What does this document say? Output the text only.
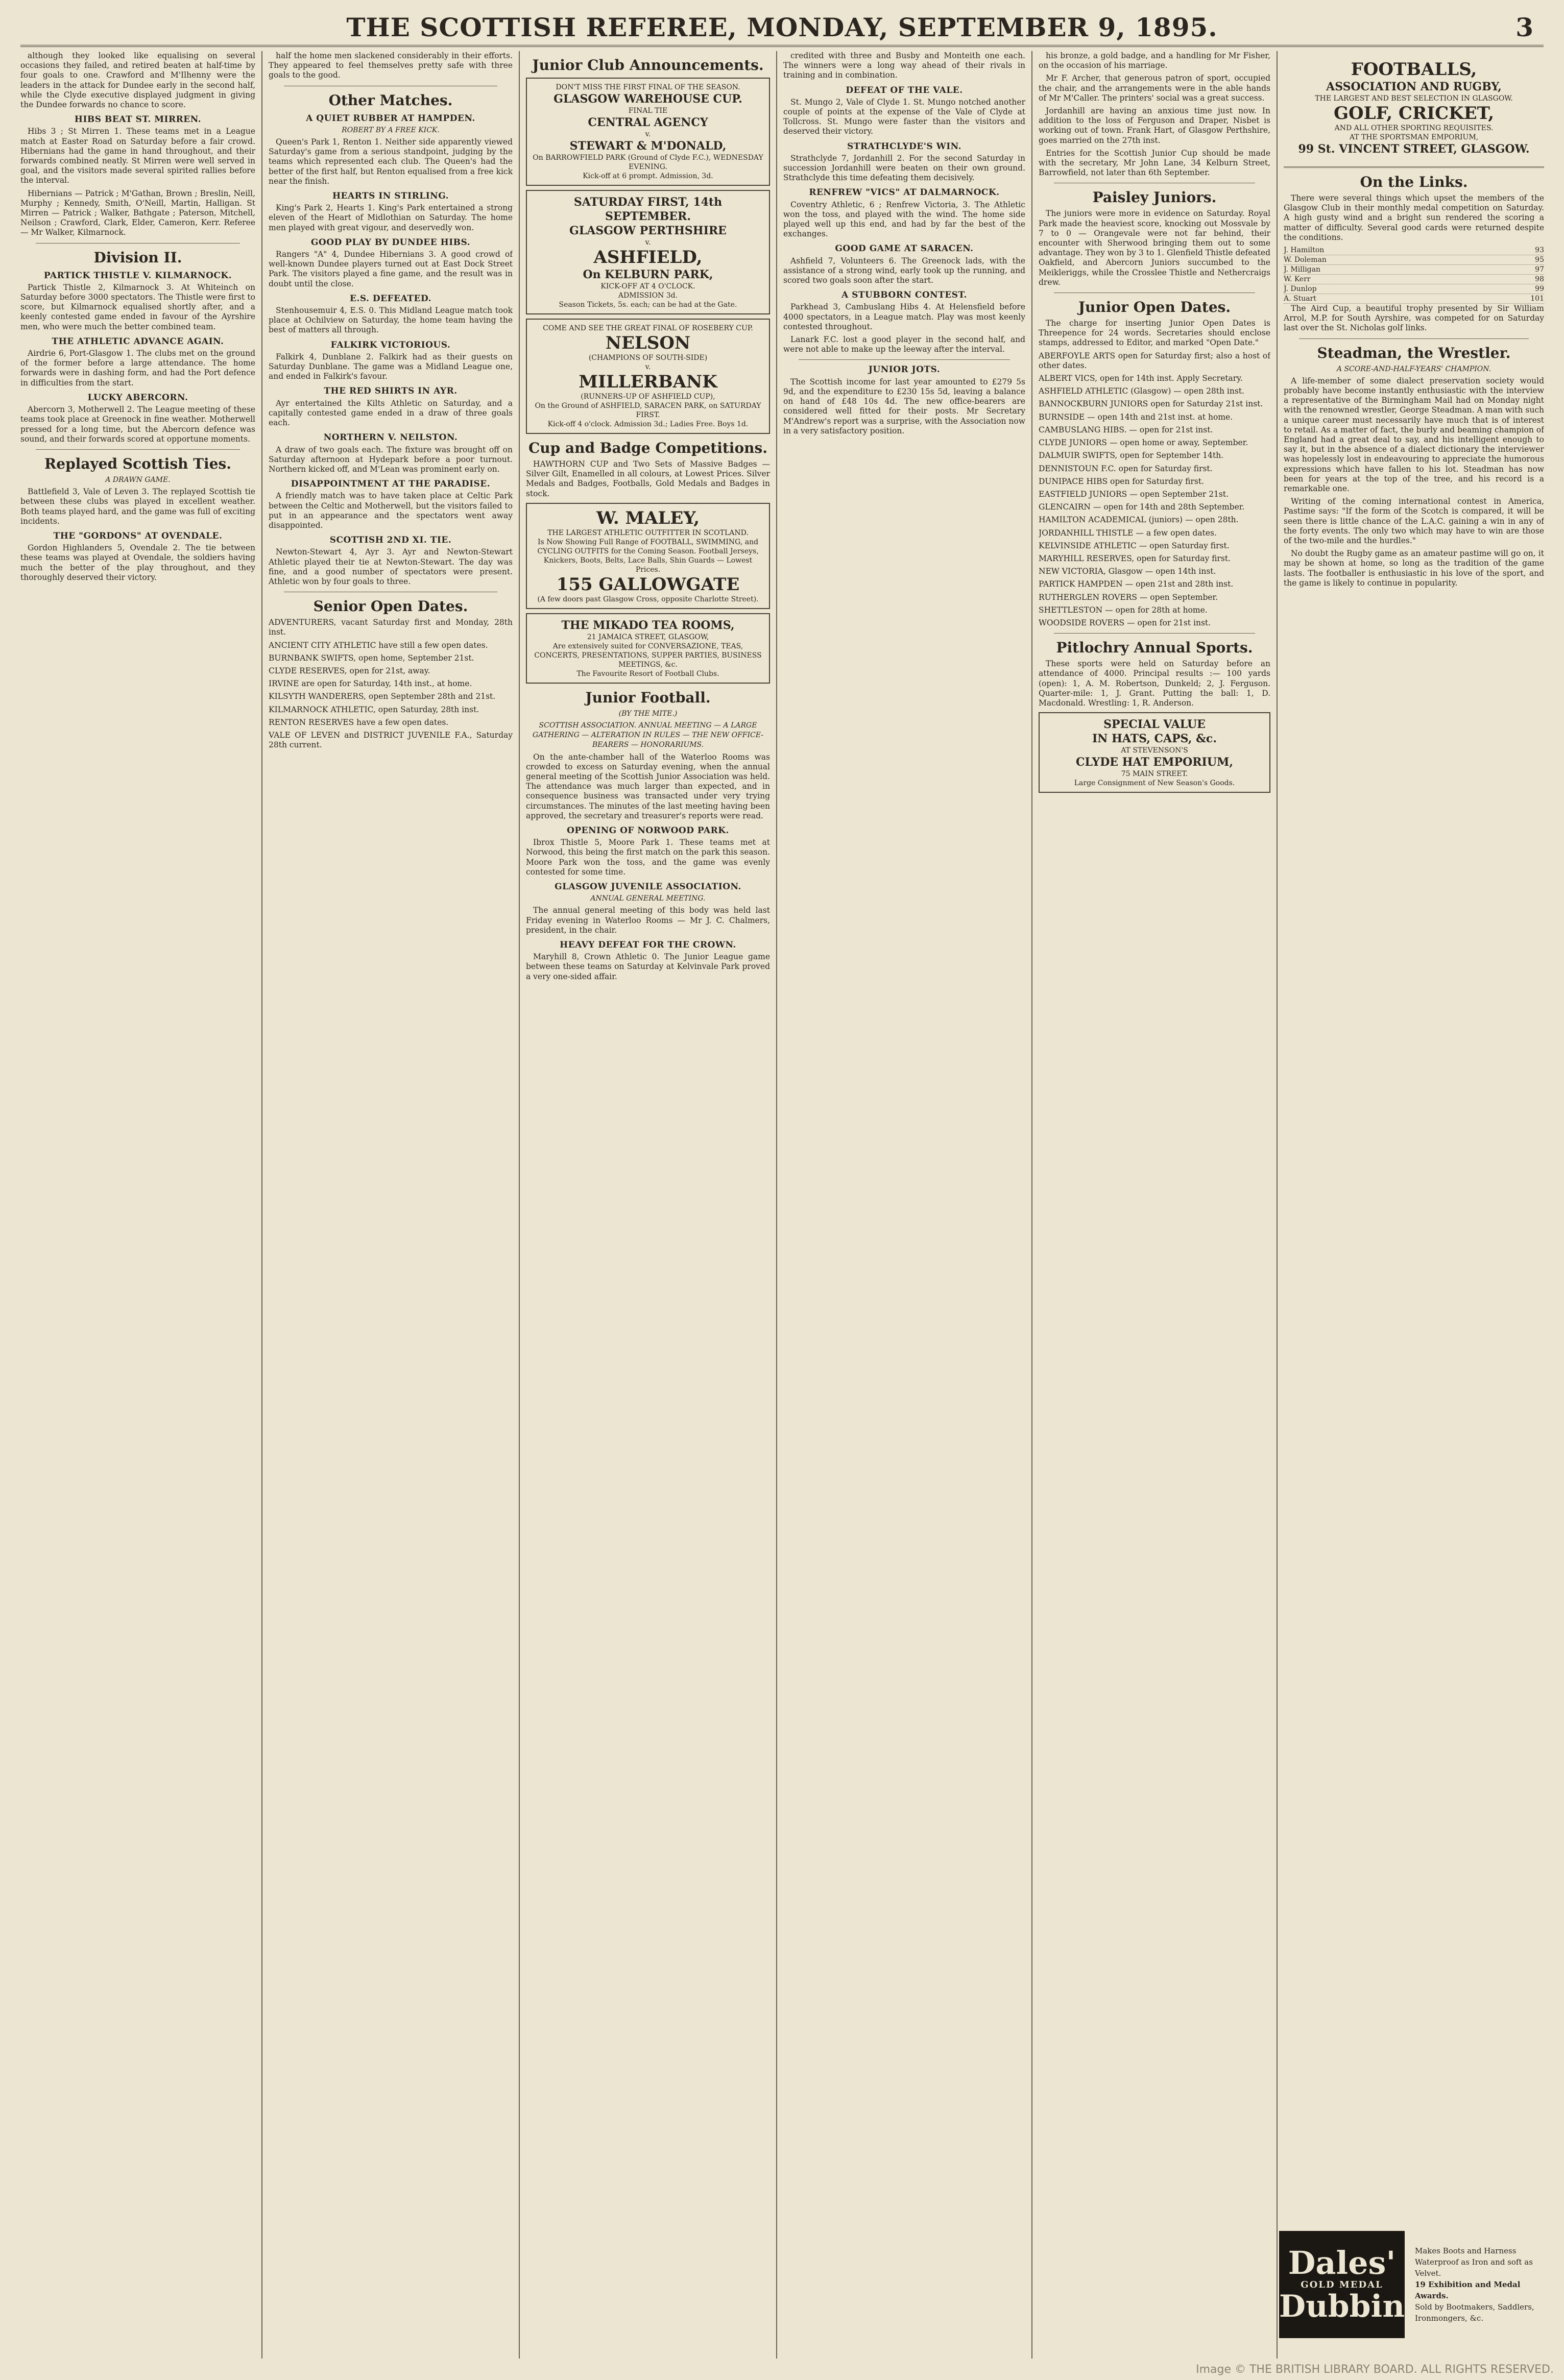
THE SCOTTISH REFEREE, MONDAY, SEPTEMBER 9, 1895.	3

although they looked like equalising on several occasions they failed, and retired beaten at half-time by four goals to one. Crawford and M'Ilhenny were the leaders in the attack for Dundee early in the second half, while the Clyde executive displayed judgment in giving the Dundee forwards no chance to score.

HIBS BEAT ST. MIRREN.

Hibs 3 ; St Mirren 1. These teams met in a League match at Easter Road on Saturday before a fair crowd. Hibernians had the game in hand throughout, and their forwards combined neatly. St Mirren were well served in goal, and the visitors made several spirited rallies before the interval.

Hibernians — Patrick ; M'Gathan, Brown ; Breslin, Neill, Murphy ; Kennedy, Smith, O'Neill, Martin, Halligan. St Mirren — Patrick ; Walker, Bathgate ; Paterson, Mitchell, Neilson ; Crawford, Clark, Elder, Cameron, Kerr. Referee — Mr Walker, Kilmarnock.

Division II.
PARTICK THISTLE V. KILMARNOCK.

Partick Thistle 2, Kilmarnock 3. At Whiteinch on Saturday before 3000 spectators. The Thistle were first to score, but Kilmarnock equalised shortly after, and a keenly contested game ended in favour of the Ayrshire men, who were much the better combined team.

THE ATHLETIC ADVANCE AGAIN.

Airdrie 6, Port-Glasgow 1. The clubs met on the ground of the former before a large attendance. The home forwards were in dashing form, and had the Port defence in difficulties from the start.

LUCKY ABERCORN.

Abercorn 3, Motherwell 2. The League meeting of these teams took place at Greenock in fine weather. Motherwell pressed for a long time, but the Abercorn defence was sound, and their forwards scored at opportune moments.

Replayed Scottish Ties.
A DRAWN GAME.

Battlefield 3, Vale of Leven 3. The replayed Scottish tie between these clubs was played in excellent weather. Both teams played hard, and the game was full of exciting incidents.

THE "GORDONS" AT OVENDALE.

Gordon Highlanders 5, Ovendale 2. The tie between these teams was played at Ovendale, the soldiers having much the better of the play throughout, and they thoroughly deserved their victory.

half the home men slackened considerably in their efforts. They appeared to feel themselves pretty safe with three goals to the good.

Other Matches.
A QUIET RUBBER AT HAMPDEN.
ROBERT BY A FREE KICK.

Queen's Park 1, Renton 1. Neither side apparently viewed Saturday's game from a serious standpoint, judging by the teams which represented each club. The Queen's had the better of the first half, but Renton equalised from a free kick near the finish.

HEARTS IN STIRLING.

King's Park 2, Hearts 1. King's Park entertained a strong eleven of the Heart of Midlothian on Saturday. The home men played with great vigour, and deservedly won.

GOOD PLAY BY DUNDEE HIBS.

Rangers "A" 4, Dundee Hibernians 3. A good crowd of well-known Dundee players turned out at East Dock Street Park. The visitors played a fine game, and the result was in doubt until the close.

E.S. DEFEATED.

Stenhousemuir 4, E.S. 0. This Midland League match took place at Ochilview on Saturday, the home team having the best of matters all through.

FALKIRK VICTORIOUS.

Falkirk 4, Dunblane 2. Falkirk had as their guests on Saturday Dunblane. The game was a Midland League one, and ended in Falkirk's favour.

THE RED SHIRTS IN AYR.

Ayr entertained the Kilts Athletic on Saturday, and a capitally contested game ended in a draw of three goals each.

NORTHERN V. NEILSTON.

A draw of two goals each. The fixture was brought off on Saturday afternoon at Hydepark before a poor turnout. Northern kicked off, and M'Lean was prominent early on.

DISAPPOINTMENT AT THE PARADISE.

A friendly match was to have taken place at Celtic Park between the Celtic and Motherwell, but the visitors failed to put in an appearance and the spectators went away disappointed.

SCOTTISH 2ND XI. TIE.

Newton-Stewart 4, Ayr 3. Ayr and Newton-Stewart Athletic played their tie at Newton-Stewart. The day was fine, and a good number of spectators were present. Athletic won by four goals to three.

Senior Open Dates.

ADVENTURERS, vacant Saturday first and Monday, 28th inst.

ANCIENT CITY ATHLETIC have still a few open dates.

BURNBANK SWIFTS, open home, September 21st.

CLYDE RESERVES, open for 21st, away.

IRVINE are open for Saturday, 14th inst., at home.

KILSYTH WANDERERS, open September 28th and 21st.

KILMARNOCK ATHLETIC, open Saturday, 28th inst.

RENTON RESERVES have a few open dates.

VALE OF LEVEN and DISTRICT JUVENILE F.A., Saturday 28th current.

Junior Club Announcements.
DON'T MISS THE FIRST FINAL OF THE SEASON.
GLASGOW WAREHOUSE CUP.
FINAL TIE
CENTRAL AGENCY
v.
STEWART & M'DONALD,
On BARROWFIELD PARK (Ground of Clyde F.C.), WEDNESDAY EVENING.
Kick-off at 6 prompt. Admission, 3d.
SATURDAY FIRST, 14th SEPTEMBER.
GLASGOW PERTHSHIRE
v.
ASHFIELD,
On KELBURN PARK,
KICK-OFF AT 4 O'CLOCK.
ADMISSION 3d.
Season Tickets, 5s. each; can be had at the Gate.
COME AND SEE THE GREAT FINAL OF ROSEBERY CUP.
NELSON
(CHAMPIONS OF SOUTH-SIDE)
v.
MILLERBANK
(RUNNERS-UP OF ASHFIELD CUP),
On the Ground of ASHFIELD, SARACEN PARK, on SATURDAY FIRST.
Kick-off 4 o'clock. Admission 3d.; Ladies Free. Boys 1d.
Cup and Badge Competitions.

HAWTHORN CUP and Two Sets of Massive Badges — Silver Gilt, Enamelled in all colours, at Lowest Prices. Silver Medals and Badges, Footballs, Gold Medals and Badges in stock.

W. MALEY,
THE LARGEST ATHLETIC OUTFITTER IN SCOTLAND.
Is Now Showing Full Range of FOOTBALL, SWIMMING, and CYCLING OUTFITS for the Coming Season. Football Jerseys, Knickers, Boots, Belts, Lace Balls, Shin Guards — Lowest Prices.
155 GALLOWGATE
(A few doors past Glasgow Cross, opposite Charlotte Street).
THE MIKADO TEA ROOMS,
21 JAMAICA STREET, GLASGOW,
Are extensively suited for CONVERSAZIONE, TEAS, CONCERTS, PRESENTATIONS, SUPPER PARTIES, BUSINESS MEETINGS, &c.
The Favourite Resort of Football Clubs.
Junior Football.
(BY THE MITE.)
SCOTTISH ASSOCIATION. ANNUAL MEETING — A LARGE GATHERING — ALTERATION IN RULES — THE NEW OFFICE-BEARERS — HONORARIUMS.

On the ante-chamber hall of the Waterloo Rooms was crowded to excess on Saturday evening, when the annual general meeting of the Scottish Junior Association was held. The attendance was much larger than expected, and in consequence business was transacted under very trying circumstances. The minutes of the last meeting having been approved, the secretary and treasurer's reports were read.

OPENING OF NORWOOD PARK.

Ibrox Thistle 5, Moore Park 1. These teams met at Norwood, this being the first match on the park this season. Moore Park won the toss, and the game was evenly contested for some time.

GLASGOW JUVENILE ASSOCIATION.
ANNUAL GENERAL MEETING.

The annual general meeting of this body was held last Friday evening in Waterloo Rooms — Mr J. C. Chalmers, president, in the chair.

HEAVY DEFEAT FOR THE CROWN.

Maryhill 8, Crown Athletic 0. The Junior League game between these teams on Saturday at Kelvinvale Park proved a very one-sided affair.

credited with three and Busby and Monteith one each. The winners were a long way ahead of their rivals in training and in combination.

DEFEAT OF THE VALE.

St. Mungo 2, Vale of Clyde 1. St. Mungo notched another couple of points at the expense of the Vale of Clyde at Tollcross. St. Mungo were faster than the visitors and deserved their victory.

STRATHCLYDE'S WIN.

Strathclyde 7, Jordanhill 2. For the second Saturday in succession Jordanhill were beaten on their own ground. Strathclyde this time defeating them decisively.

RENFREW "VICS" AT DALMARNOCK.

Coventry Athletic, 6 ; Renfrew Victoria, 3. The Athletic won the toss, and played with the wind. The home side played well up this end, and had by far the best of the exchanges.

GOOD GAME AT SARACEN.

Ashfield 7, Volunteers 6. The Greenock lads, with the assistance of a strong wind, early took up the running, and scored two goals soon after the start.

A STUBBORN CONTEST.

Parkhead 3, Cambuslang Hibs 4. At Helensfield before 4000 spectators, in a League match. Play was most keenly contested throughout.

Lanark F.C. lost a good player in the second half, and were not able to make up the leeway after the interval.

JUNIOR JOTS.

The Scottish income for last year amounted to £279 5s 9d, and the expenditure to £230 15s 5d, leaving a balance on hand of £48 10s 4d. The new office-bearers are considered well fitted for their posts. Mr Secretary M'Andrew's report was a surprise, with the Association now in a very satisfactory position.

his bronze, a gold badge, and a handling for Mr Fisher, on the occasion of his marriage.

Mr F. Archer, that generous patron of sport, occupied the chair, and the arrangements were in the able hands of Mr M'Caller. The printers' social was a great success.

Jordanhill are having an anxious time just now. In addition to the loss of Ferguson and Draper, Nisbet is working out of town. Frank Hart, of Glasgow Perthshire, goes married on the 27th inst.

Entries for the Scottish Junior Cup should be made with the secretary, Mr John Lane, 34 Kelburn Street, Barrowfield, not later than 6th September.

Paisley Juniors.

The juniors were more in evidence on Saturday. Royal Park made the heaviest score, knocking out Mossvale by 7 to 0 — Orangevale were not far behind, their encounter with Sherwood bringing them out to some advantage. They won by 3 to 1. Glenfield Thistle defeated Oakfield, and Abercorn Juniors succumbed to the Meikleriggs, while the Crosslee Thistle and Nethercraigs drew.

Junior Open Dates.

The charge for inserting Junior Open Dates is Threepence for 24 words. Secretaries should enclose stamps, addressed to Editor, and marked "Open Date."

ABERFOYLE ARTS open for Saturday first; also a host of other dates.

ALBERT VICS, open for 14th inst. Apply Secretary.

ASHFIELD ATHLETIC (Glasgow) — open 28th inst.

BANNOCKBURN JUNIORS open for Saturday 21st inst.

BURNSIDE — open 14th and 21st inst. at home.

CAMBUSLANG HIBS. — open for 21st inst.

CLYDE JUNIORS — open home or away, September.

DALMUIR SWIFTS, open for September 14th.

DENNISTOUN F.C. open for Saturday first.

DUNIPACE HIBS open for Saturday first.

EASTFIELD JUNIORS — open September 21st.

GLENCAIRN — open for 14th and 28th September.

HAMILTON ACADEMICAL (juniors) — open 28th.

JORDANHILL THISTLE — a few open dates.

KELVINSIDE ATHLETIC — open Saturday first.

MARYHILL RESERVES, open for Saturday first.

NEW VICTORIA, Glasgow — open 14th inst.

PARTICK HAMPDEN — open 21st and 28th inst.

RUTHERGLEN ROVERS — open September.

SHETTLESTON — open for 28th at home.

WOODSIDE ROVERS — open for 21st inst.

Pitlochry Annual Sports.

These sports were held on Saturday before an attendance of 4000. Principal results :— 100 yards (open): 1, A. M. Robertson, Dunkeld; 2, J. Ferguson. Quarter-mile: 1, J. Grant. Putting the ball: 1, D. Macdonald. Wrestling: 1, R. Anderson.

SPECIAL VALUE
IN HATS, CAPS, &c.
AT STEVENSON'S
CLYDE HAT EMPORIUM,
75 MAIN STREET.
Large Consignment of New Season's Goods.
FOOTBALLS,
ASSOCIATION AND RUGBY,
THE LARGEST AND BEST SELECTION IN GLASGOW.
GOLF, CRICKET,
AND ALL OTHER SPORTING REQUISITES.
AT THE SPORTSMAN EMPORIUM,
99 St. VINCENT STREET, GLASGOW.
On the Links.

There were several things which upset the members of the Glasgow Club in their monthly medal competition on Saturday. A high gusty wind and a bright sun rendered the scoring a matter of difficulty. Several good cards were returned despite the conditions.

J. Hamilton	93
W. Doleman	95
J. Milligan	97
W. Kerr	98
J. Dunlop	99
A. Stuart	101

The Aird Cup, a beautiful trophy presented by Sir William Arrol, M.P. for South Ayrshire, was competed for on Saturday last over the St. Nicholas golf links.

Steadman, the Wrestler.
A SCORE-AND-HALF-YEARS' CHAMPION.

A life-member of some dialect preservation society would probably have become instantly enthusiastic with the interview a representative of the Birmingham Mail had on Monday night with the renowned wrestler, George Steadman. A man with such a unique career must necessarily have much that is of interest to retail. As a matter of fact, the burly and beaming champion of England had a great deal to say, and his intelligent enough to say it, but in the absence of a dialect dictionary the interviewer was hopelessly lost in endeavouring to appreciate the humorous expressions which have fallen to his lot. Steadman has now been for years at the top of the tree, and his record is a remarkable one.

Writing of the coming international contest in America, Pastime says: "If the form of the Scotch is compared, it will be seen there is little chance of the L.A.C. gaining a win in any of the forty events. The only two which may have to win are those of the two-mile and the hurdles."

No doubt the Rugby game as an amateur pastime will go on, it may be shown at home, so long as the tradition of the game lasts. The footballer is enthusiastic in his love of the sport, and the game is likely to continue in popularity.

Dales'
GOLD MEDAL
Dubbin
Makes Boots and Harness Waterproof as Iron and soft as Velvet.
19 Exhibition and Medal Awards.
Sold by Bootmakers, Saddlers, Ironmongers, &c.
Image © THE BRITISH LIBRARY BOARD. ALL RIGHTS RESERVED.
